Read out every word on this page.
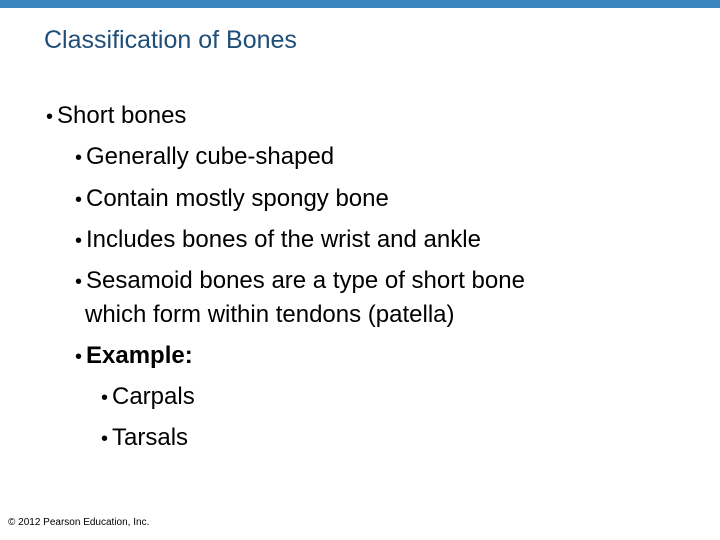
Classification of Bones
• Short bones
• Generally cube-shaped
• Contain mostly spongy bone
• Includes bones of the wrist and ankle
• Sesamoid bones are a type of short bone
which form within tendons (patella)
• Example:
• Carpals
• Tarsals
© 2012 Pearson Education, Inc.
